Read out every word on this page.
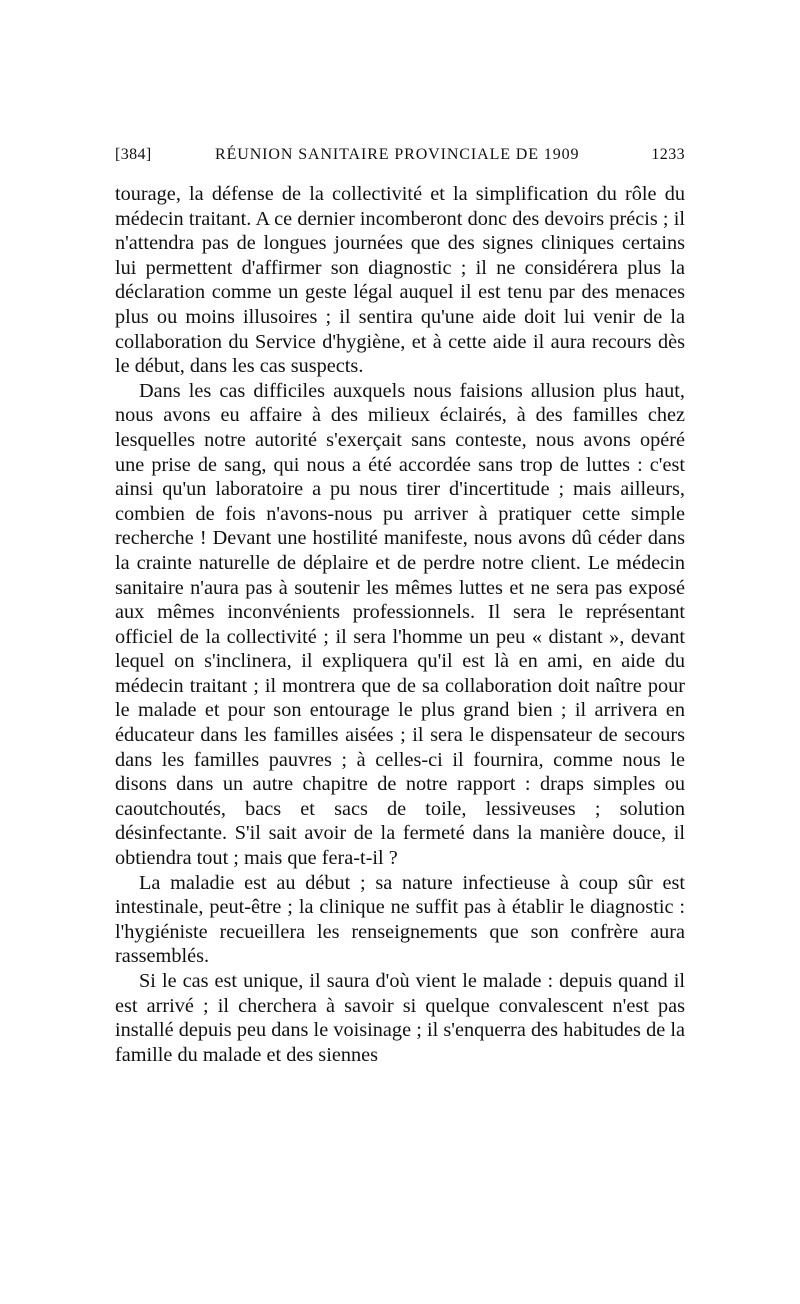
[384]	RÉUNION SANITAIRE PROVINCIALE DE 1909	1233

tourage, la défense de la collectivité et la simplification du rôle du médecin traitant. A ce dernier incomberont donc des devoirs précis ; il n'attendra pas de longues journées que des signes cliniques certains lui permettent d'affirmer son diagnostic ; il ne considérera plus la déclaration comme un geste légal auquel il est tenu par des menaces plus ou moins illusoires ; il sentira qu'une aide doit lui venir de la collaboration du Service d'hygiène, et à cette aide il aura recours dès le début, dans les cas suspects.

Dans les cas difficiles auxquels nous faisions allusion plus haut, nous avons eu affaire à des milieux éclairés, à des familles chez lesquelles notre autorité s'exerçait sans conteste, nous avons opéré une prise de sang, qui nous a été accordée sans trop de luttes : c'est ainsi qu'un laboratoire a pu nous tirer d'incertitude ; mais ailleurs, combien de fois n'avons-nous pu arriver à pratiquer cette simple recherche ! Devant une hostilité manifeste, nous avons dû céder dans la crainte naturelle de déplaire et de perdre notre client. Le médecin sanitaire n'aura pas à soutenir les mêmes luttes et ne sera pas exposé aux mêmes inconvénients professionnels. Il sera le représentant officiel de la collectivité ; il sera l'homme un peu « distant », devant lequel on s'inclinera, il expliquera qu'il est là en ami, en aide du médecin traitant ; il montrera que de sa collaboration doit naître pour le malade et pour son entourage le plus grand bien ; il arrivera en éducateur dans les familles aisées ; il sera le dispensateur de secours dans les familles pauvres ; à celles-ci il fournira, comme nous le disons dans un autre chapitre de notre rapport : draps simples ou caoutchoutés, bacs et sacs de toile, lessiveuses ; solution désinfectante. S'il sait avoir de la fermeté dans la manière douce, il obtiendra tout ; mais que fera-t-il ?

La maladie est au début ; sa nature infectieuse à coup sûr est intestinale, peut-être ; la clinique ne suffit pas à établir le diagnostic : l'hygiéniste recueillera les renseignements que son confrère aura rassemblés.

Si le cas est unique, il saura d'où vient le malade : depuis quand il est arrivé ; il cherchera à savoir si quelque convalescent n'est pas installé depuis peu dans le voisinage ; il s'enquerra des habitudes de la famille du malade et des siennes
